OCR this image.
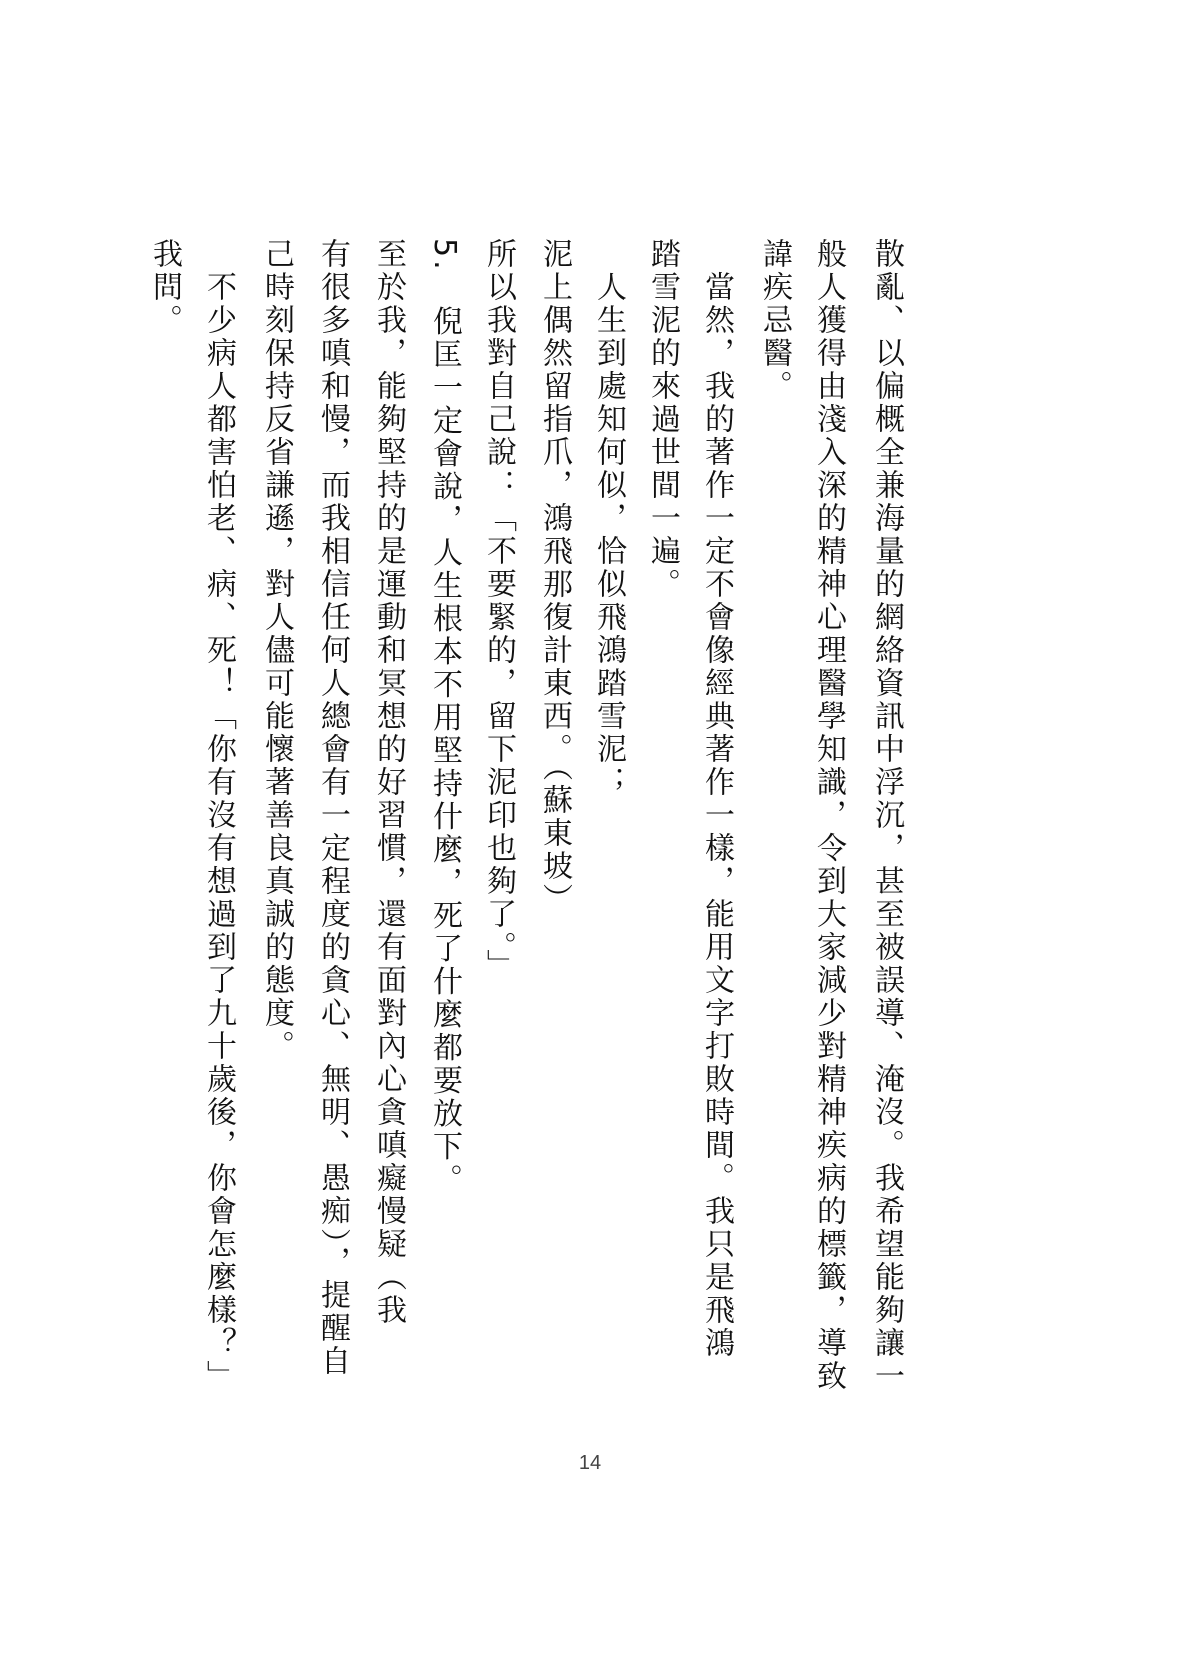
散亂、以偏概全兼海量的網絡資訊中浮沉，甚至被誤導、淹沒。我希望能夠讓一
般人獲得由淺入深的精神心理醫學知識，令到大家減少對精神疾病的標籤，導致
諱疾忌醫。
　當然，我的著作一定不會像經典著作一樣，能用文字打敗時間。我只是飛鴻
踏雪泥的來過世間一遍。
　人生到處知何似，恰似飛鴻踏雪泥；
泥上偶然留指爪，鴻飛那復計東西。（蘇東坡）
所以我對自己說：「不要緊的，留下泥印也夠了。」
5.　倪匡一定會說，人生根本不用堅持什麼，死了什麼都要放下。
至於我，能夠堅持的是運動和冥想的好習慣，還有面對內心貪嗔癡慢疑（我
有很多嗔和慢，而我相信任何人總會有一定程度的貪心、無明、愚痴），提醒自
己時刻保持反省謙遜，對人儘可能懷著善良真誠的態度。
　不少病人都害怕老、病、死！「你有沒有想過到了九十歲後，你會怎麼樣？」
我問。
14
